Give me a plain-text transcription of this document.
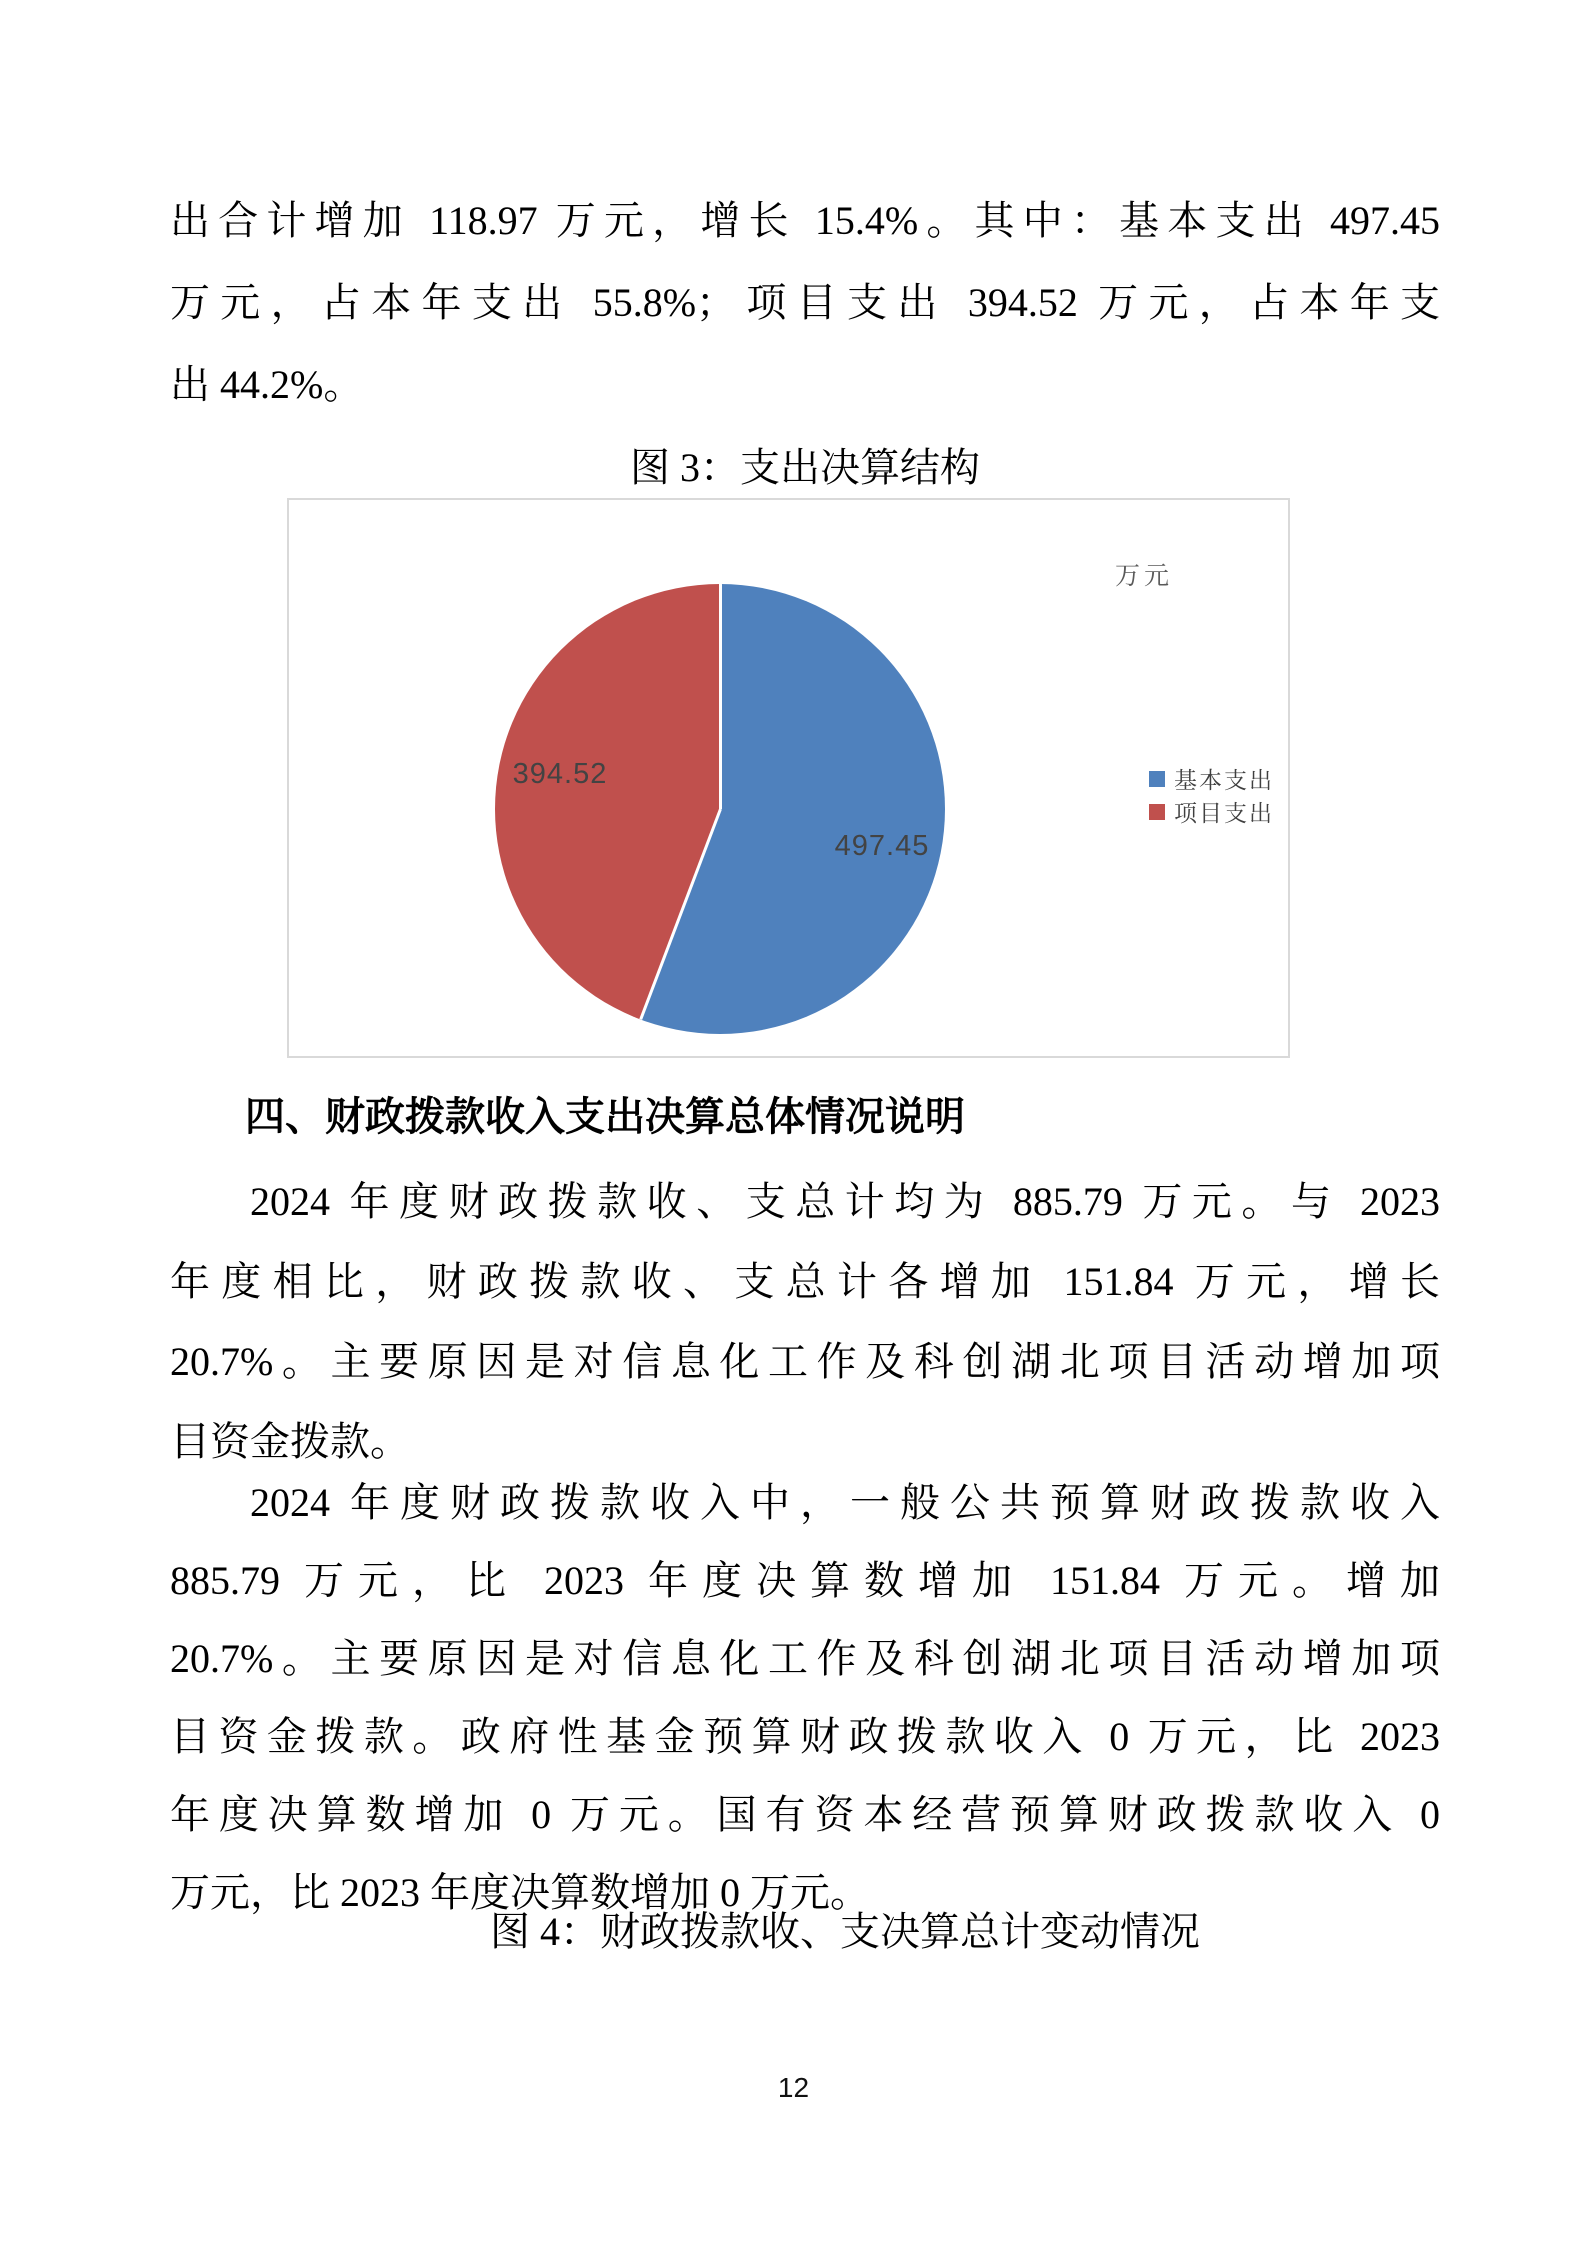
出合计增加 118.97 万元，增长 15.4%。其中：基本支出 497.45
万元，占本年支出 55.8%；项目支出 394.52 万元，占本年支
出 44.2%。
图 3：支出决算结构
万元
394.52
497.45
基本支出
项目支出
四、财政拨款收入支出决算总体情况说明
2024 年度财政拨款收、支总计均为 885.79 万元。与 2023
年度相比，财政拨款收、支总计各增加 151.84 万元，增长
20.7%。主要原因是对信息化工作及科创湖北项目活动增加项
目资金拨款。
2024 年度财政拨款收入中，一般公共预算财政拨款收入
885.79 万元，比 2023 年度决算数增加 151.84 万元。增加
20.7%。主要原因是对信息化工作及科创湖北项目活动增加项
目资金拨款。政府性基金预算财政拨款收入 0 万元，比 2023
年度决算数增加 0 万元。国有资本经营预算财政拨款收入 0
万元，比 2023 年度决算数增加 0 万元。
图 4：财政拨款收、支决算总计变动情况
12
